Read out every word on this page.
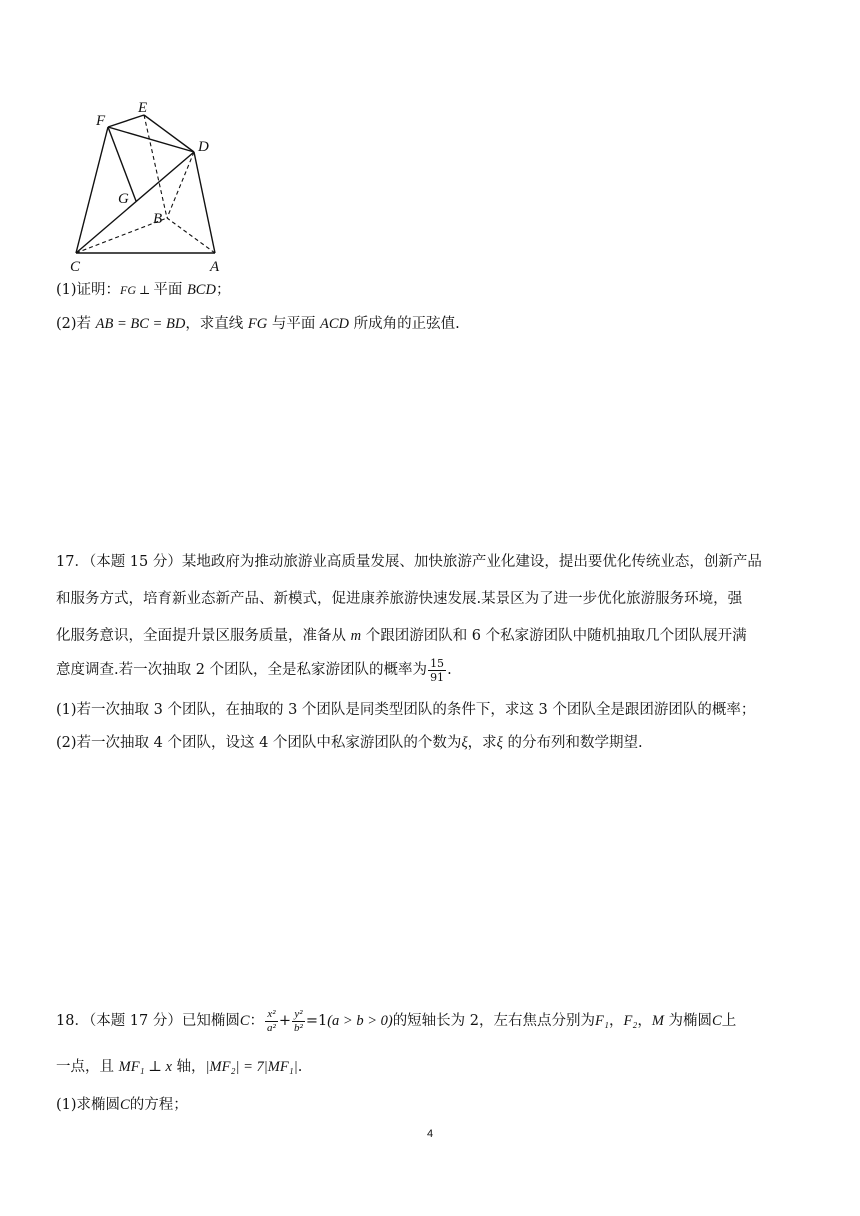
E
F
D
G
B
C	A
(1)证明：FG ⊥ 平面 BCD；
(2)若 AB = BC = BD，求直线 FG 与平面 ACD 所成角的正弦值.
17．（本题 15 分）某地政府为推动旅游业高质量发展、加快旅游产业化建设，提出要优化传统业态，创新产品
和服务方式，培育新业态新产品、新模式，促进康养旅游快速发展.某景区为了进一步优化旅游服务环境，强
化服务意识，全面提升景区服务质量，准备从 m 个跟团游团队和 6 个私家游团队中随机抽取几个团队展开满
意度调查.若一次抽取 2 个团队，全是私家游团队的概率为 $\frac{15}{91}$ .
(1)若一次抽取 3 个团队，在抽取的 3 个团队是同类型团队的条件下，求这 3 个团队全是跟团游团队的概率；
(2)若一次抽取 4 个团队，设这 4 个团队中私家游团队的个数为ξ，求ξ 的分布列和数学期望.
18．（本题 17 分）已知椭圆C： $\frac{\text{x²}}{\text{a²}} + \frac{\text{y²}}{\text{b²}} =1(a > b > 0)$的短轴长为 2，左右焦点分别为F₁，F₂，M 为椭圆C上
一点，且 MF₁ ⊥ x 轴，|MF₂| = 7|MF₁|.
(1)求椭圆C的方程；
4
